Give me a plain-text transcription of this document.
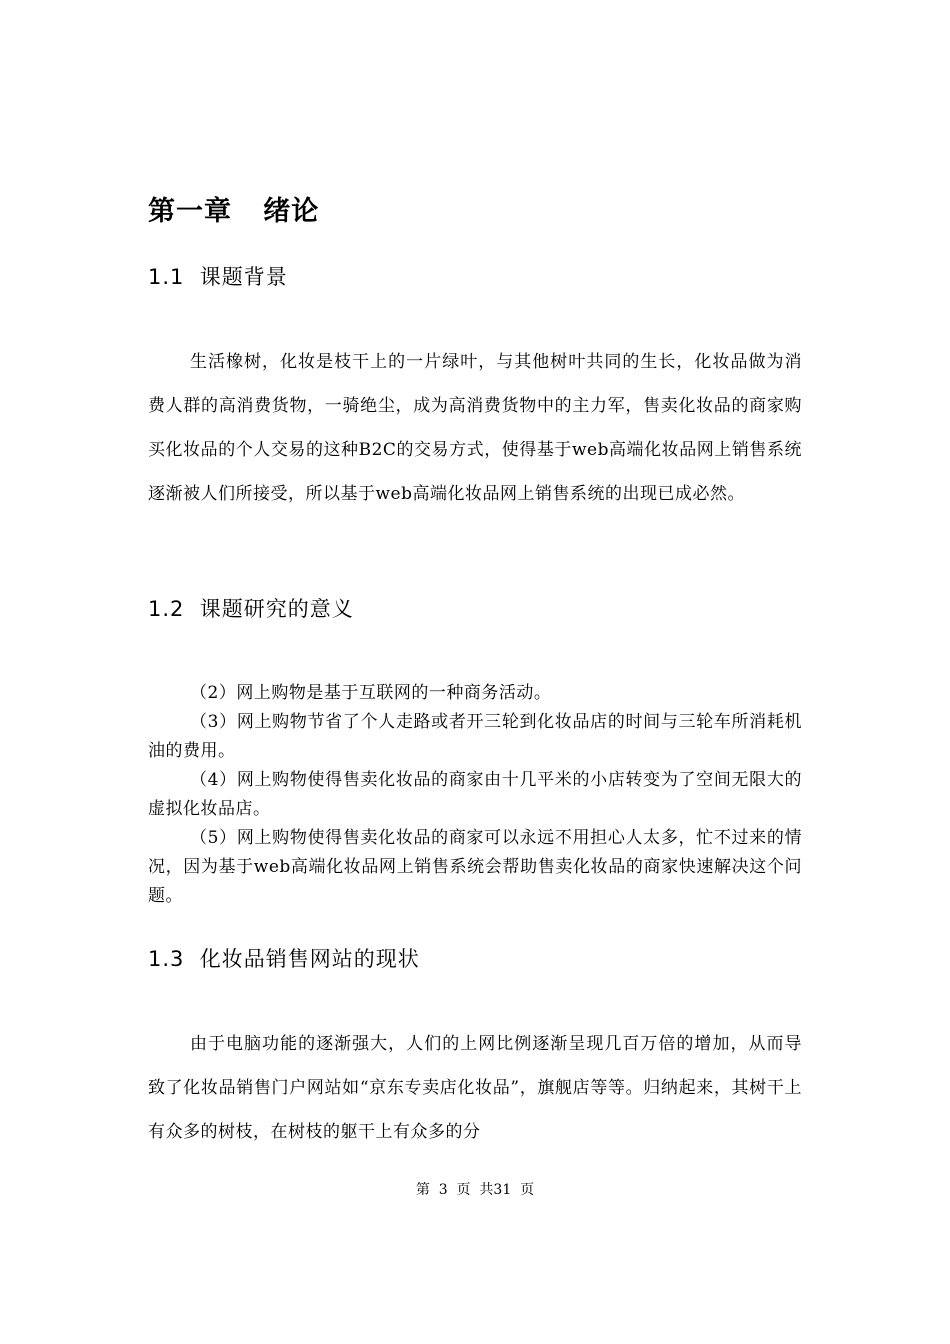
第一章   绪论
1.1  课题背景

生活橡树，化妆是枝干上的一片绿叶，与其他树叶共同的生长，化妆品做为消费人群的高消费货物，一骑绝尘，成为高消费货物中的主力军，售卖化妆品的商家购买化妆品的个人交易的这种B2C的交易方式，使得基于web高端化妆品网上销售系统逐渐被人们所接受，所以基于web高端化妆品网上销售系统的出现已成必然。

1.2  课题研究的意义

（2）网上购物是基于互联网的一种商务活动。

（3）网上购物节省了个人走路或者开三轮到化妆品店的时间与三轮车所消耗机油的费用。

（4）网上购物使得售卖化妆品的商家由十几平米的小店转变为了空间无限大的虚拟化妆品店。

（5）网上购物使得售卖化妆品的商家可以永远不用担心人太多，忙不过来的情况，因为基于web高端化妆品网上销售系统会帮助售卖化妆品的商家快速解决这个问题。

1.3  化妆品销售网站的现状

由于电脑功能的逐渐强大，人们的上网比例逐渐呈现几百万倍的增加，从而导致了化妆品销售门户网站如“京东专卖店化妆品”，旗舰店等等。归纳起来，其树干上有众多的树枝，在树枝的躯干上有众多的分

第  3  页  共31  页
